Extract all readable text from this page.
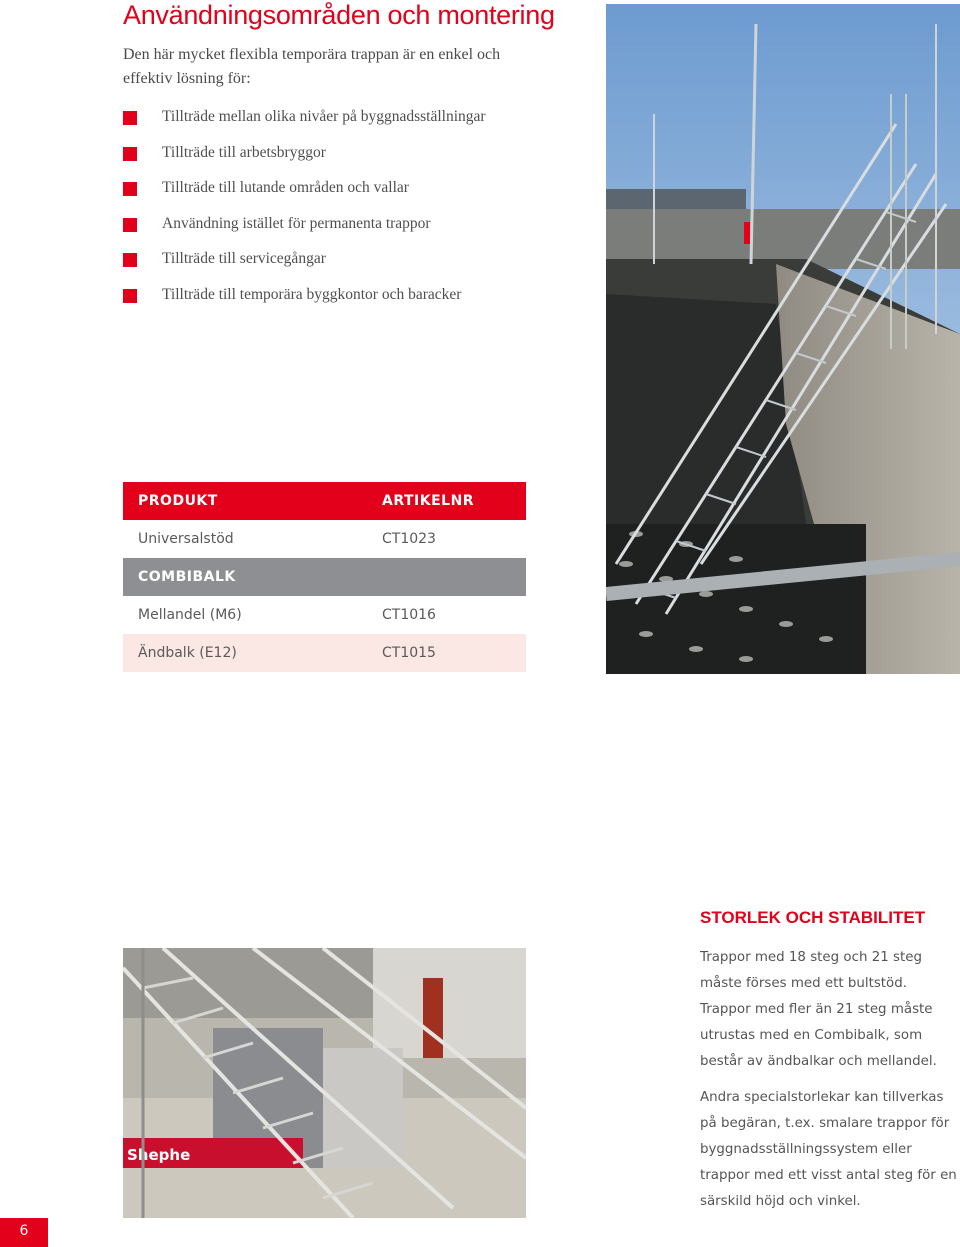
Användningsområden och montering
Den här mycket flexibla temporära trappan är en enkel och effektiv lösning för:
Tillträde mellan olika nivåer på byggnadsställningar
Tillträde till arbetsbryggor
Tillträde till lutande områden och vallar
Användning istället för permanenta trappor
Tillträde till servicegångar
Tillträde till temporära byggkontor och baracker
PRODUKT	ARTIKELNR
Universalstöd	CT1023
COMBIBALK
Mellandel (M6)	CT1016
Ändbalk (E12)	CT1015
Shephe
STORLEK OCH STABILITET
Trappor med 18 steg och 21 steg måste förses med ett bultstöd. Trappor med fler än 21 steg måste utrustas med en Combibalk, som består av ändbalkar och mellandel.
Andra specialstorlekar kan tillverkas på begäran, t.ex. smalare trappor för byggnadsställningssystem eller trappor med ett visst antal steg för en särskild höjd och vinkel.
6
